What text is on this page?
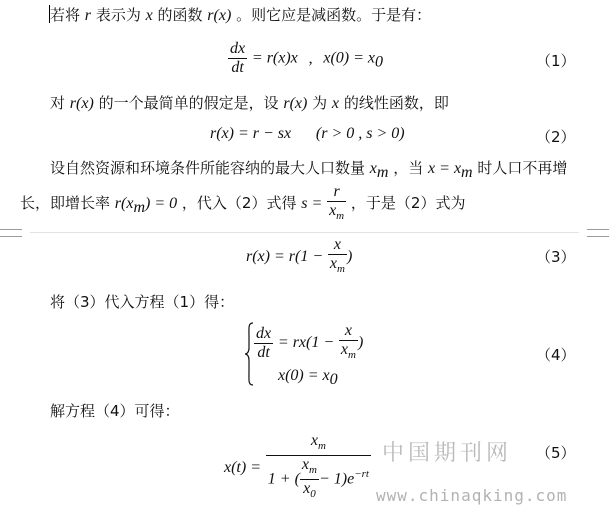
若将 r 表示为 x 的函数 r(x) 。则它应是减函数。于是有：
$\frac{dx}{dt} = r(x)x$ , $x(0) = x_0$	（1）
对 r(x) 的一个最简单的假定是，设 r(x) 为 x 的线性函数，即
r(x) = r − sx (r > 0 , s > 0)	（2）
设自然资源和环境条件所能容纳的最大人口数量 $x_m$ ，当 $x = x_m$ 时人口不再增
长，即增长率 $r(x_m) = 0$ ，代入（2）式得 $s = \frac{r}{x_m}$ ，于是（2）式为
$r(x) = r(1 - \frac{x}{x_m}$ )	（3）
将（3）代入方程（1）得：
$\frac{dx}{dt} = rx(1 - \frac{x}{x_m}$ )
$x(0) = x_0$
（4）
解方程（4）可得：
$x(t) = \frac{x_m}{1 + ( \frac{x_m}{x_0} - 1)e^{-rt}}$	（5）
中国期刊网
www.chinaqking.com
